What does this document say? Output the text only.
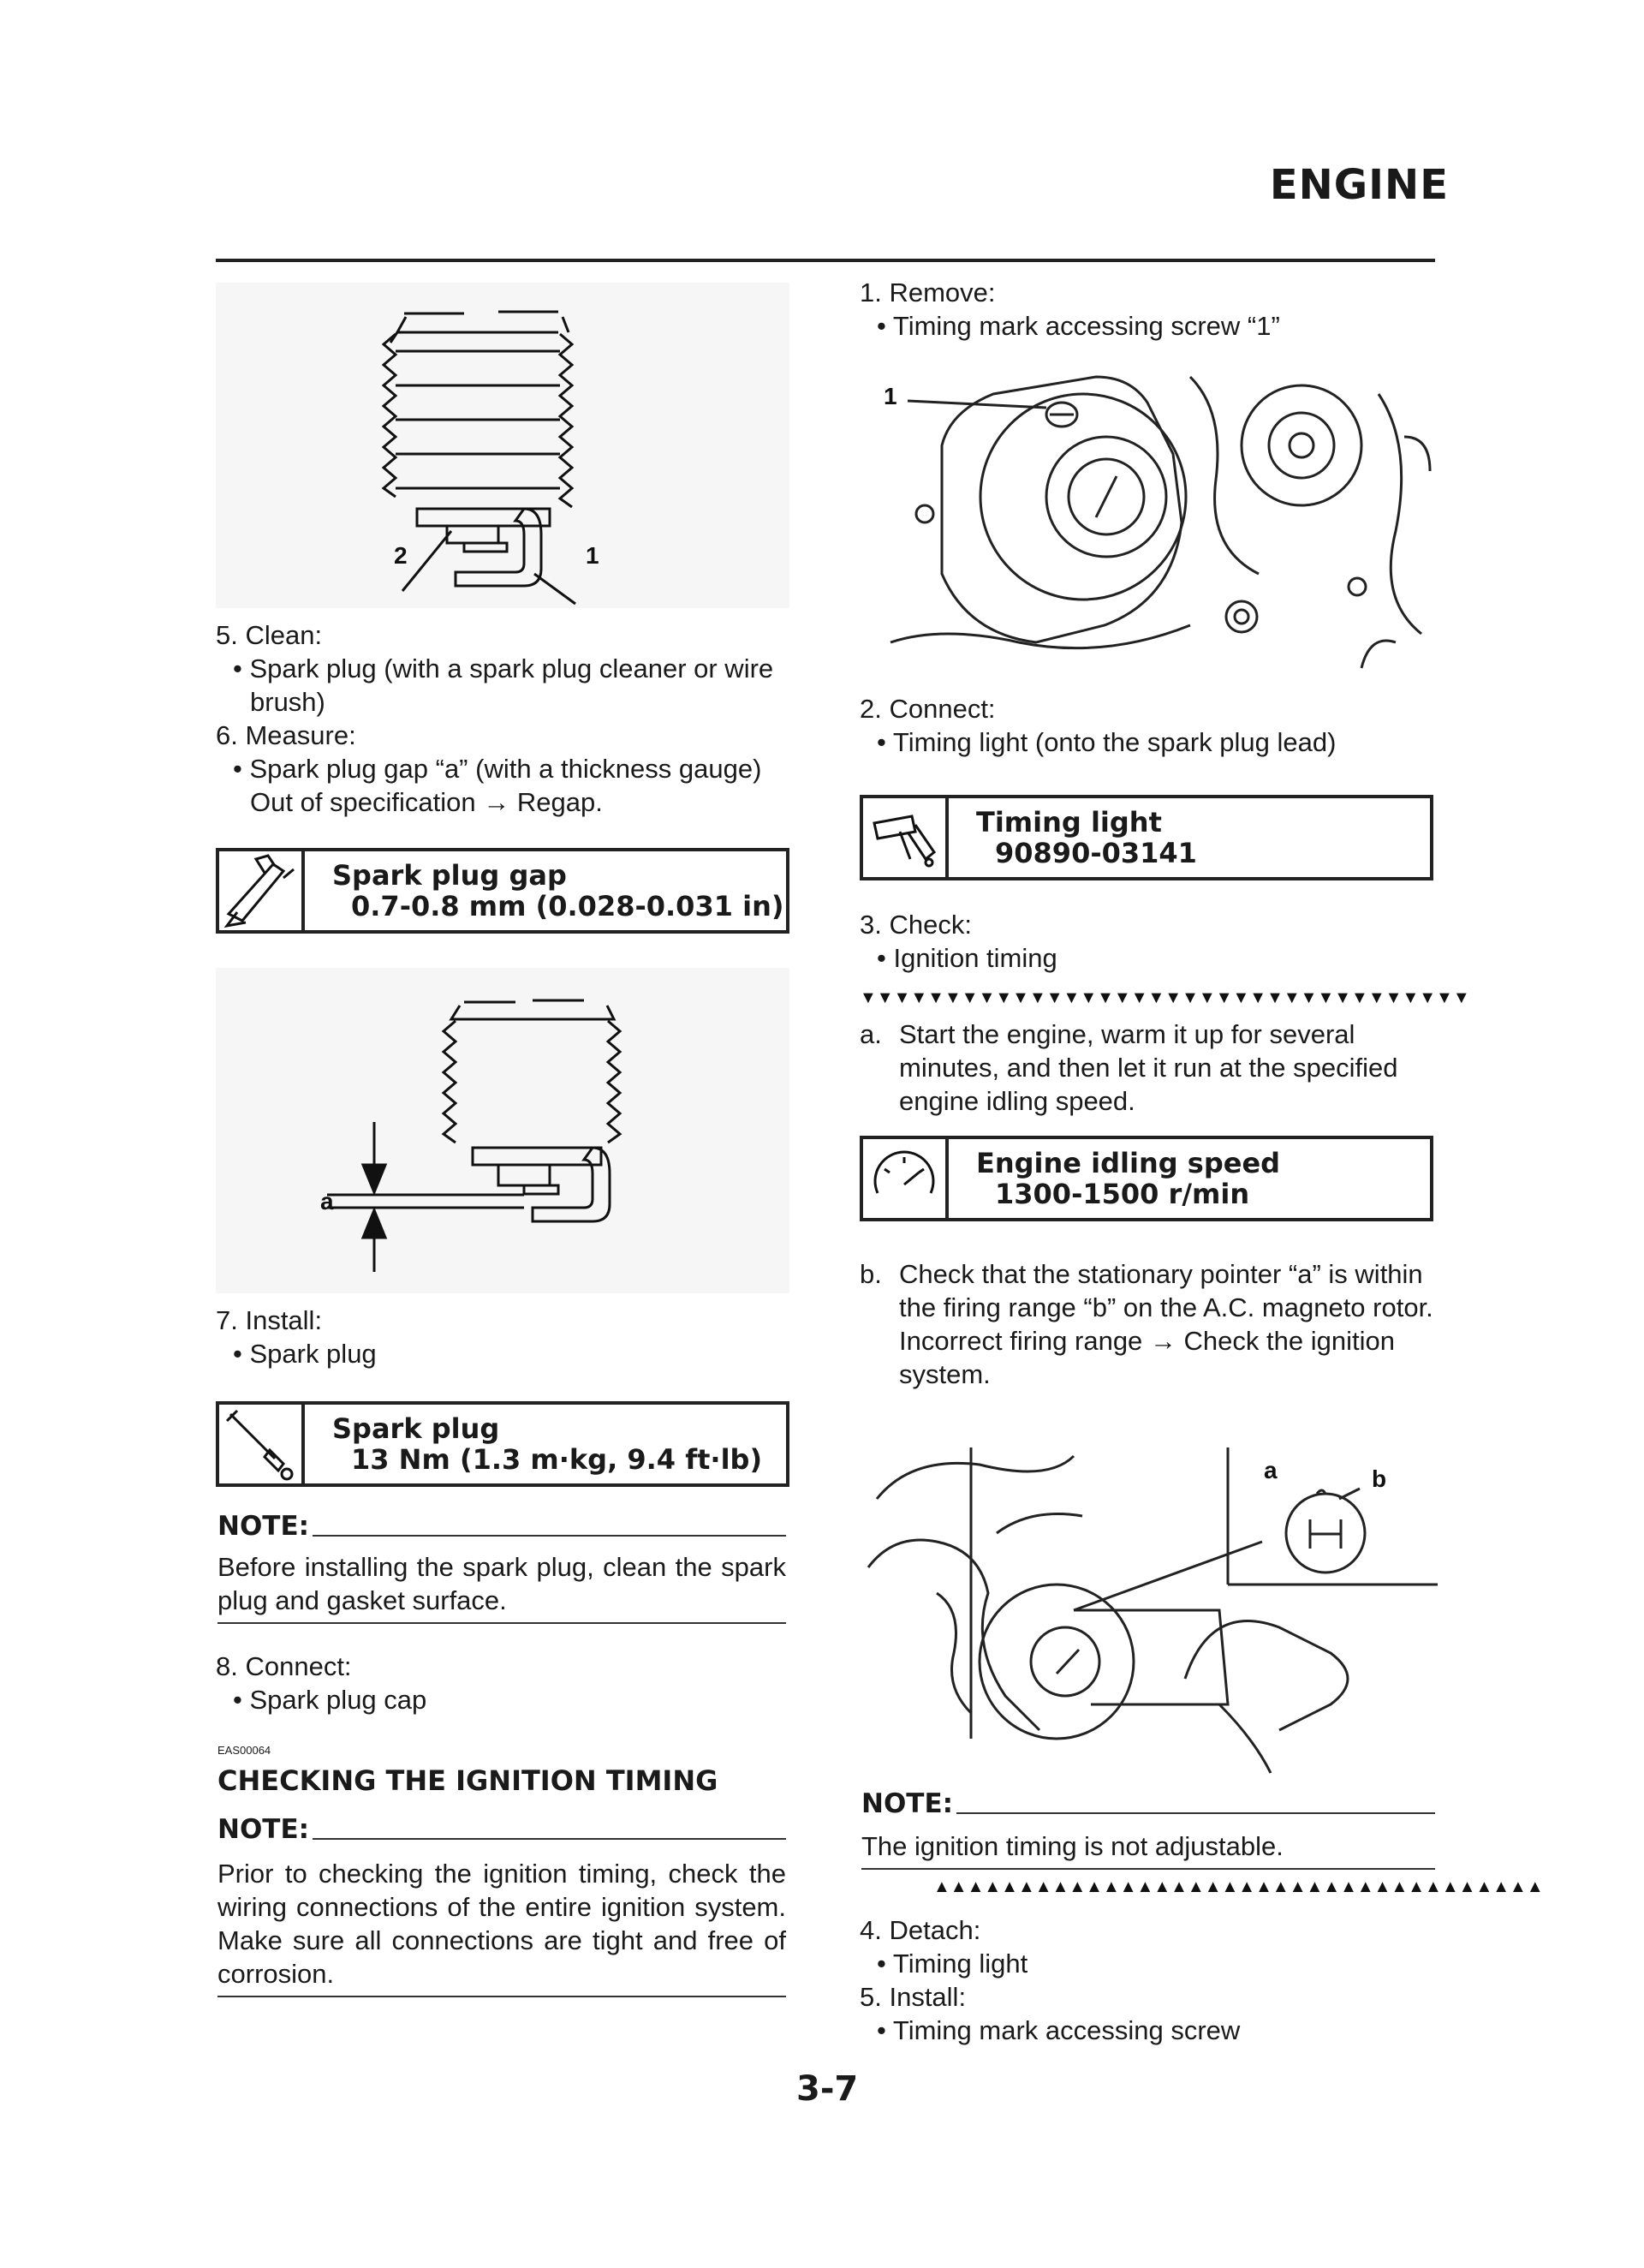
ENGINE
2	1
5. Clean:
• Spark plug (with a spark plug cleaner or wire
brush)
6. Measure:
• Spark plug gap “a” (with a thickness gauge)
Out of specification → Regap.
Spark plug gap
0.7-0.8 mm (0.028-0.031 in)
a
7. Install:
• Spark plug
Spark plug
13 Nm (1.3 m·kg, 9.4 ft·lb)
NOTE:
Before installing the spark plug, clean the spark plug and gasket surface.
8. Connect:
• Spark plug cap
EAS00064
CHECKING THE IGNITION TIMING
NOTE:
Prior to checking the ignition timing, check the wiring connections of the entire ignition system. Make sure all connections are tight and free of corrosion.
1. Remove:
• Timing mark accessing screw “1”
1
2. Connect:
• Timing light (onto the spark plug lead)
Timing light
90890-03141
3. Check:
• Ignition timing
▼▼▼▼▼▼▼▼▼▼▼▼▼▼▼▼▼▼▼▼▼▼▼▼▼▼▼▼▼▼▼▼▼▼▼▼
a. Start the engine, warm it up for several minutes, and then let it run at the specified engine idling speed.
Engine idling speed
1300-1500 r/min
b. Check that the stationary pointer “a” is within the firing range “b” on the A.C. magneto rotor.
Incorrect firing range → Check the ignition system.
a	b
NOTE:
The ignition timing is not adjustable.
▲▲▲▲▲▲▲▲▲▲▲▲▲▲▲▲▲▲▲▲▲▲▲▲▲▲▲▲▲▲▲▲▲▲▲▲
4. Detach:
• Timing light
5. Install:
• Timing mark accessing screw
3-7
